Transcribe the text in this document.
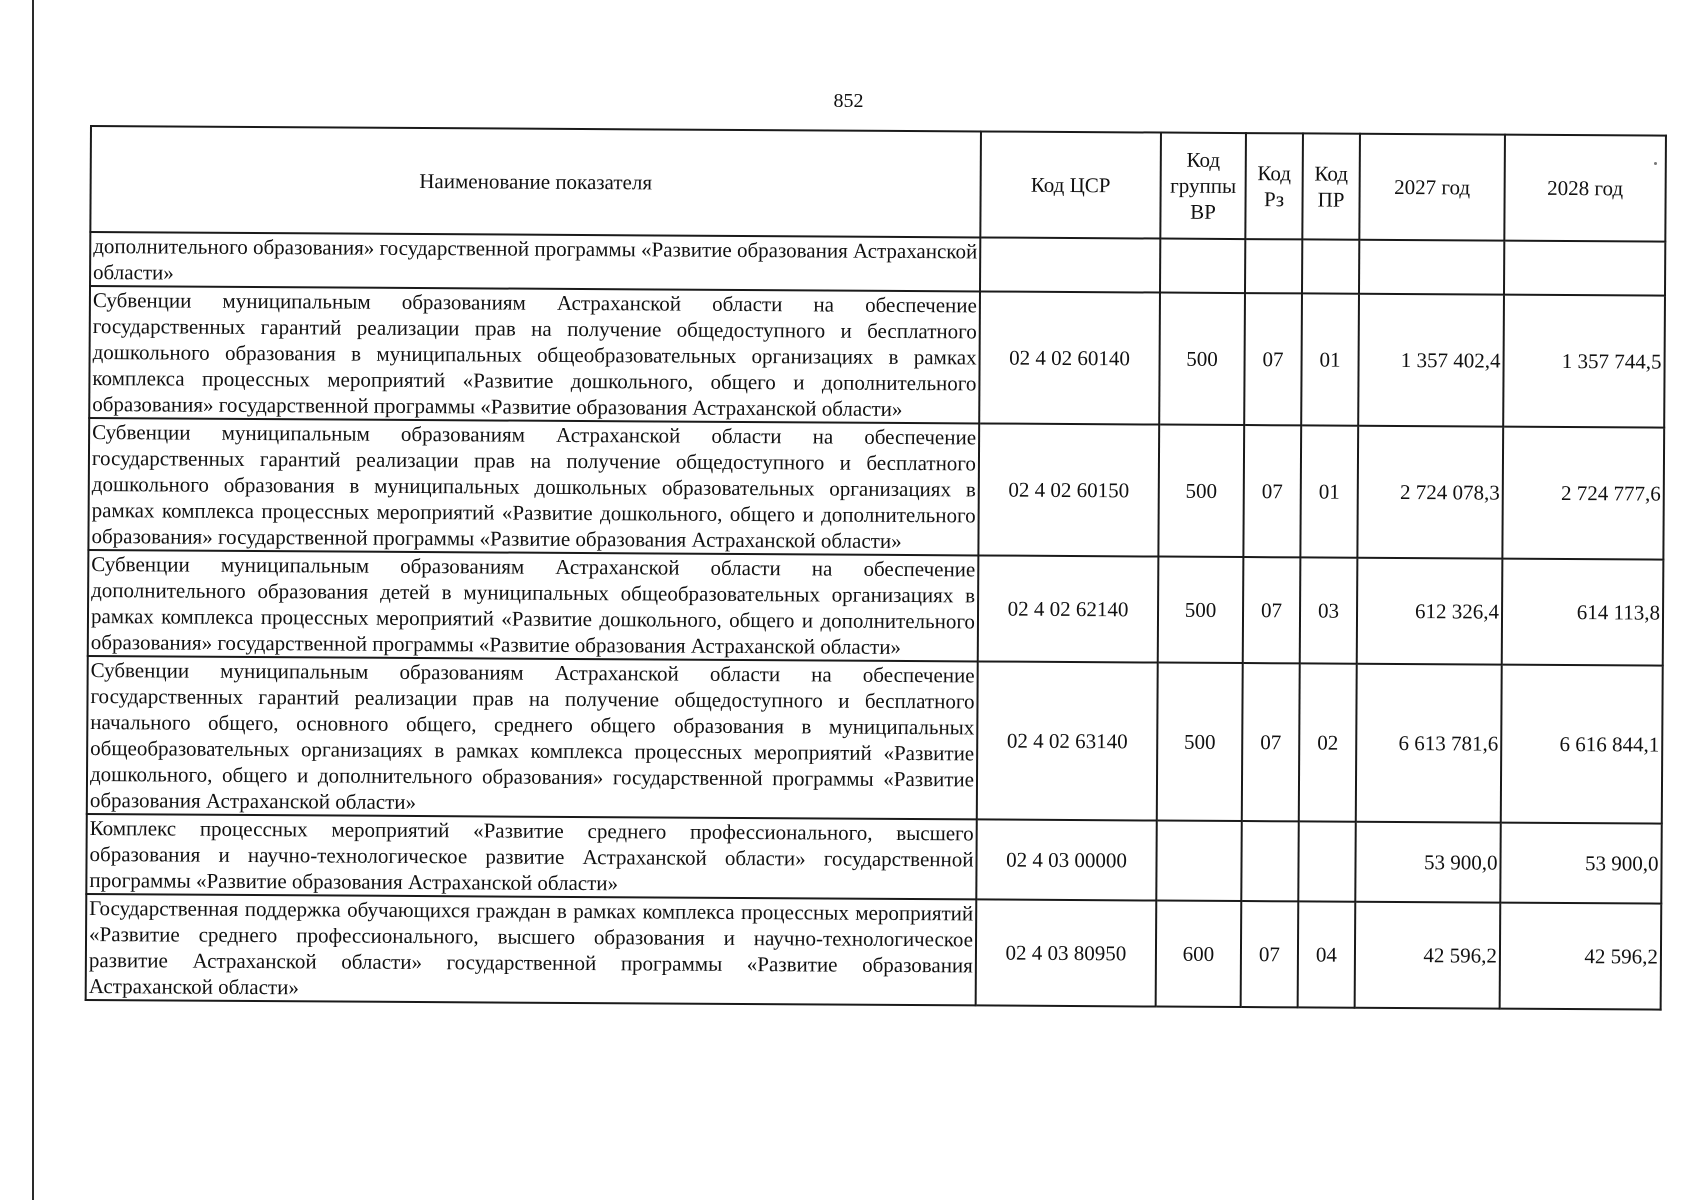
852
Наименование показателя	Код ЦСР	Код группы ВР	Код Рз	Код ПР	2027 год	2028 год
дополнительного образования» государственной программы «Развитие образования Астраханской области»						
Субвенции муниципальным образованиям Астраханской области на обеспечение государственных гарантий реализации прав на получение общедоступного и бесплатного дошкольного образования в муниципальных общеобразовательных организациях в рамках комплекса процессных мероприятий «Развитие дошкольного, общего и дополнительного образования» государственной программы «Развитие образования Астраханской области»	02 4 02 60140	500	07	01	1 357 402,4	1 357 744,5
Субвенции муниципальным образованиям Астраханской области на обеспечение государственных гарантий реализации прав на получение общедоступного и бесплатного дошкольного образования в муниципальных дошкольных образовательных организациях в рамках комплекса процессных мероприятий «Развитие дошкольного, общего и дополнительного образования» государственной программы «Развитие образования Астраханской области»	02 4 02 60150	500	07	01	2 724 078,3	2 724 777,6
Субвенции муниципальным образованиям Астраханской области на обеспечение дополнительного образования детей в муниципальных общеобразовательных организациях в рамках комплекса процессных мероприятий «Развитие дошкольного, общего и дополнительного образования» государственной программы «Развитие образования Астраханской области»	02 4 02 62140	500	07	03	612 326,4	614 113,8
Субвенции муниципальным образованиям Астраханской области на обеспечение государственных гарантий реализации прав на получение общедоступного и бесплатного начального общего, основного общего, среднего общего образования в муниципальных общеобразовательных организациях в рамках комплекса процессных мероприятий «Развитие дошкольного, общего и дополнительного образования» государственной программы «Развитие образования Астраханской области»	02 4 02 63140	500	07	02	6 613 781,6	6 616 844,1
Комплекс процессных мероприятий «Развитие среднего профессионального, высшего образования и научно-технологическое развитие Астраханской области» государственной программы «Развитие образования Астраханской области»	02 4 03 00000				53 900,0	53 900,0
Государственная поддержка обучающихся граждан в рамках комплекса процессных мероприятий «Развитие среднего профессионального, высшего образования и научно-технологическое развитие Астраханской области» государственной программы «Развитие образования Астраханской области»	02 4 03 80950	600	07	04	42 596,2	42 596,2
